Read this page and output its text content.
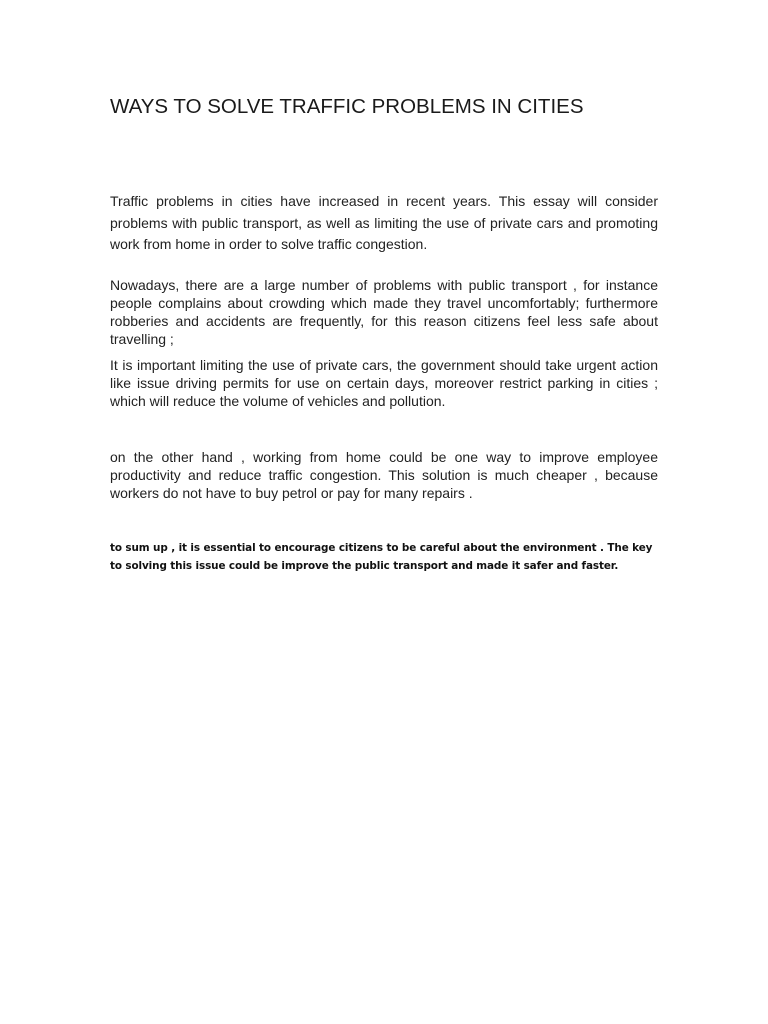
WAYS TO SOLVE TRAFFIC PROBLEMS IN CITIES

Traffic problems in cities have increased in recent years. This essay will consider problems with public transport, as well as limiting the use of private cars and promoting work from home in order to solve traffic congestion.

Nowadays, there are a large number of problems with public transport , for instance people complains about crowding which made they travel uncomfortably; furthermore robberies and accidents are frequently, for this reason citizens feel less safe about travelling ;

It is important limiting the use of private cars, the government should take urgent action like issue driving permits for use on certain days, moreover restrict parking in cities ; which will reduce the volume of vehicles and pollution.

on the other hand , working from home could be one way to improve employee productivity and reduce traffic congestion. This solution is much cheaper , because workers do not have to buy petrol or pay for many repairs .

to sum up , it is essential to encourage citizens to be careful about the environment . The key to solving this issue could be improve the public transport and made it safer and faster.
